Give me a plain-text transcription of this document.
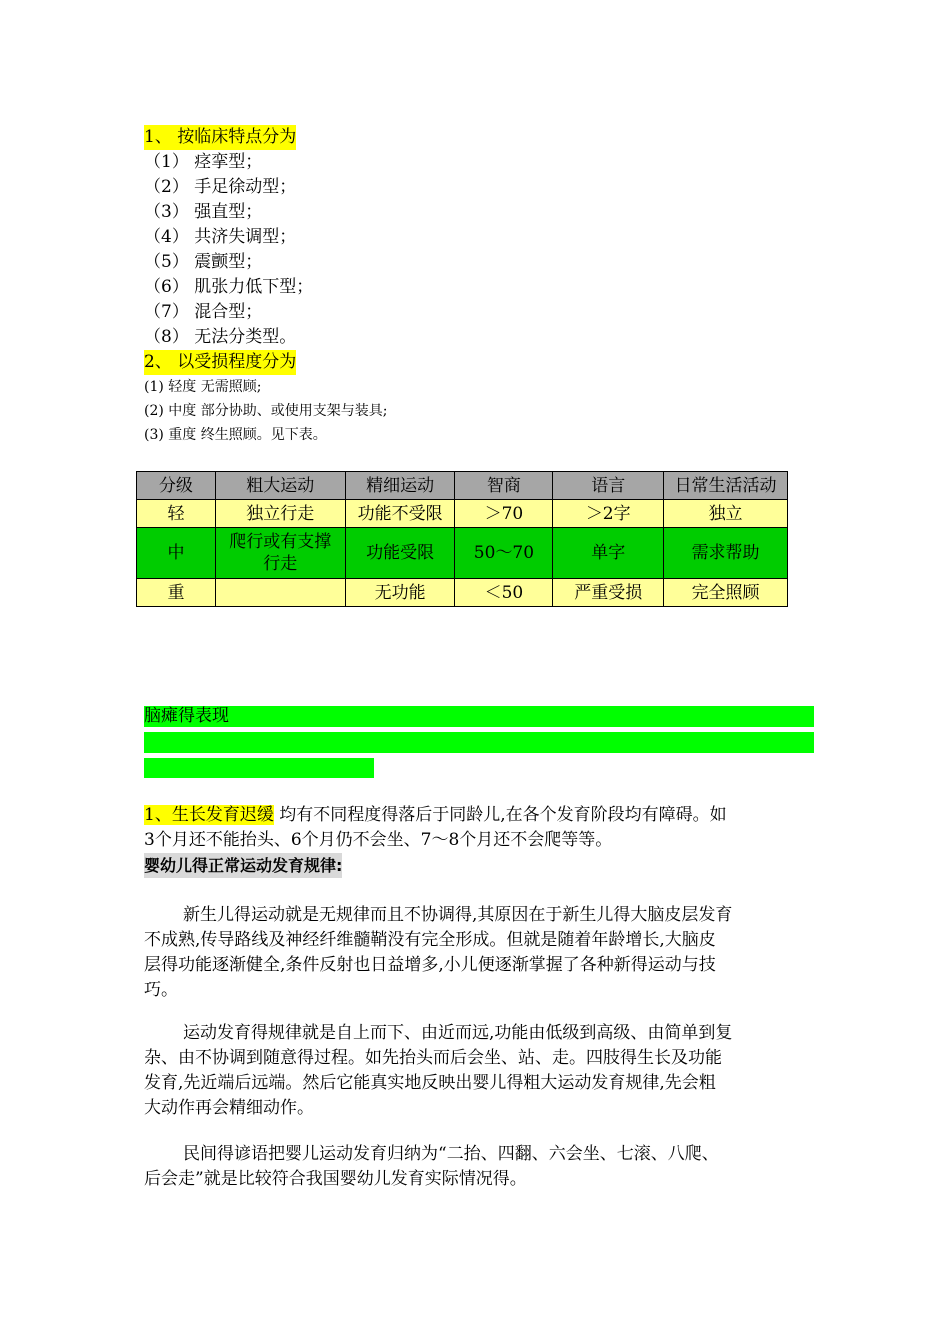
1、 按临床特点分为
（1） 痉挛型；
（2） 手足徐动型；
（3） 强直型；
（4） 共济失调型；
（5） 震颤型；
（6） 肌张力低下型；
（7） 混合型；
（8） 无法分类型。
2、 以受损程度分为
(1) 轻度 无需照顾;
(2) 中度 部分协助、或使用支架与装具;
(3) 重度 终生照顾。见下表。
分级	粗大运动	精细运动	智商	语言	日常生活活动
轻	独立行走	功能不受限	＞70	＞2字	独立
中	爬行或有支撑行走	功能受限	50～70	单字	需求帮助
重		无功能	＜50	严重受损	完全照顾
脑瘫得表现
1、生长发育迟缓 均有不同程度得落后于同龄儿,在各个发育阶段均有障碍。如
3个月还不能抬头、6个月仍不会坐、7～8个月还不会爬等等。
婴幼儿得正常运动发育规律:
新生儿得运动就是无规律而且不协调得,其原因在于新生儿得大脑皮层发育
不成熟,传导路线及神经纤维髓鞘没有完全形成。但就是随着年龄增长,大脑皮
层得功能逐渐健全,条件反射也日益增多,小儿便逐渐掌握了各种新得运动与技
巧。
运动发育得规律就是自上而下、由近而远,功能由低级到高级、由简单到复
杂、由不协调到随意得过程。如先抬头而后会坐、站、走。四肢得生长及功能
发育,先近端后远端。然后它能真实地反映出婴儿得粗大运动发育规律,先会粗
大动作再会精细动作。
民间得谚语把婴儿运动发育归纳为“二抬、四翻、六会坐、七滚、八爬、
后会走”就是比较符合我国婴幼儿发育实际情况得。
